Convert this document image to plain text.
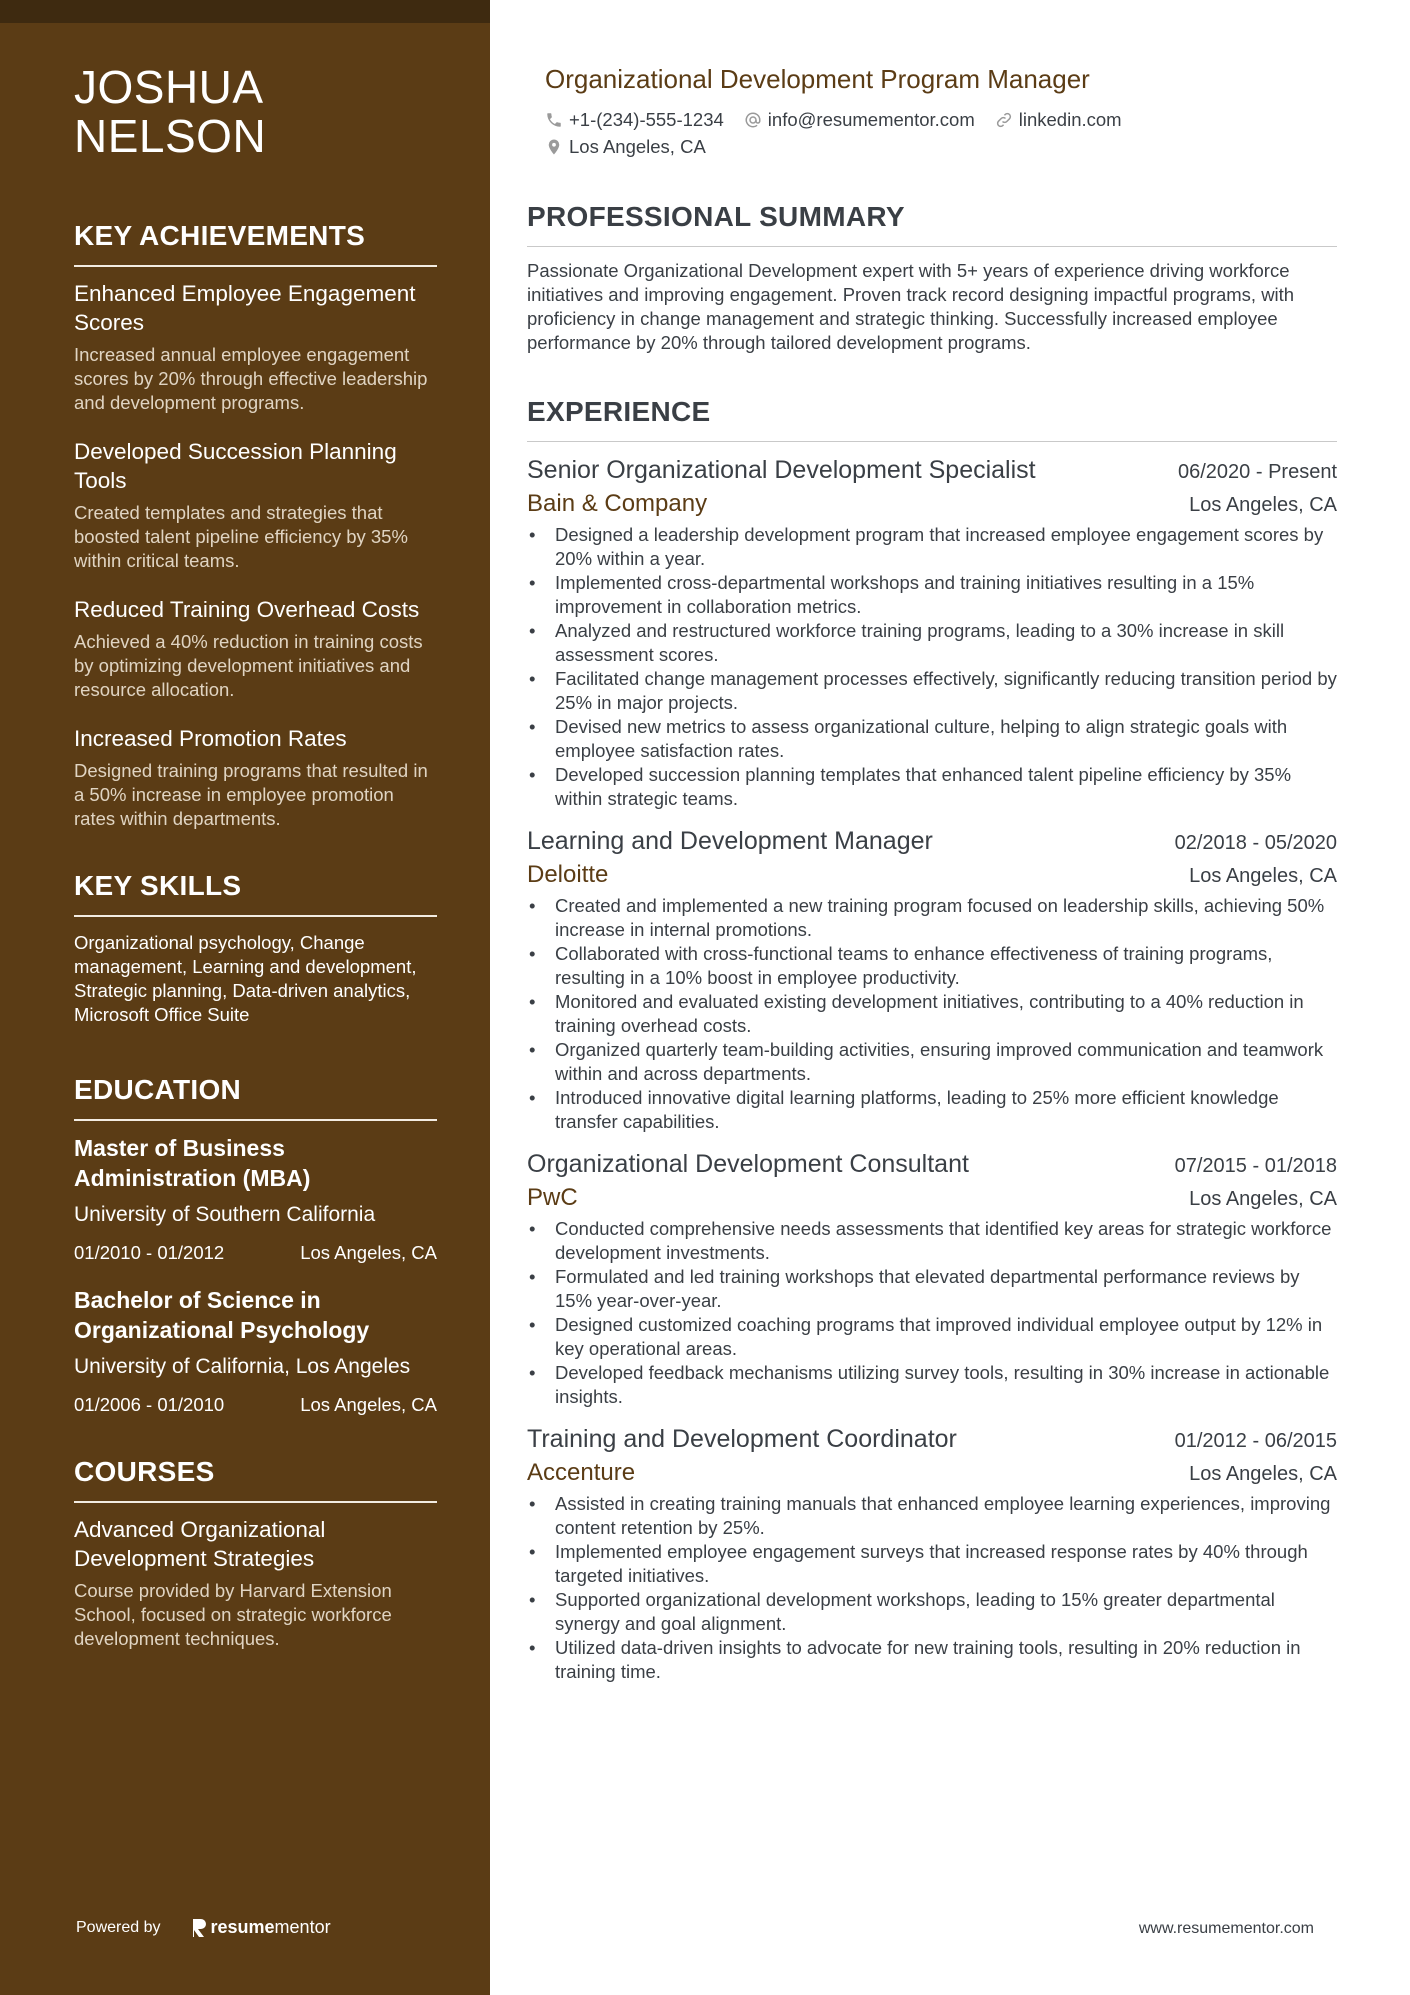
JOSHUA
NELSON
KEY ACHIEVEMENTS
Enhanced Employee Engagement Scores
Increased annual employee engagement scores by 20% through effective leadership and development programs.
Developed Succession Planning Tools
Created templates and strategies that boosted talent pipeline efficiency by 35% within critical teams.
Reduced Training Overhead Costs
Achieved a 40% reduction in training costs by optimizing development initiatives and resource allocation.
Increased Promotion Rates
Designed training programs that resulted in a 50% increase in employee promotion rates within departments.
KEY SKILLS
Organizational psychology, Change management, Learning and development, Strategic planning, Data-driven analytics, Microsoft Office Suite
EDUCATION
Master of Business Administration (MBA)
University of Southern California
01/2010 - 01/2012	Los Angeles, CA
Bachelor of Science in Organizational Psychology
University of California, Los Angeles
01/2006 - 01/2010	Los Angeles, CA
COURSES
Advanced Organizational Development Strategies
Course provided by Harvard Extension School, focused on strategic workforce development techniques.
Powered by	resumementor
Organizational Development Program Manager
+1-(234)-555-1234 info@resumementor.com linkedin.com
Los Angeles, CA
PROFESSIONAL SUMMARY

Passionate Organizational Development expert with 5+ years of experience driving workforce initiatives and improving engagement. Proven track record designing impactful programs, with proficiency in change management and strategic thinking. Successfully increased employee performance by 20% through tailored development programs.

EXPERIENCE
Senior Organizational Development Specialist	06/2020 - Present
Bain & Company	Los Angeles, CA
• Designed a leadership development program that increased employee engagement scores by 20% within a year.
• Implemented cross-departmental workshops and training initiatives resulting in a 15% improvement in collaboration metrics.
• Analyzed and restructured workforce training programs, leading to a 30% increase in skill assessment scores.
• Facilitated change management processes effectively, significantly reducing transition period by 25% in major projects.
• Devised new metrics to assess organizational culture, helping to align strategic goals with employee satisfaction rates.
• Developed succession planning templates that enhanced talent pipeline efficiency by 35% within strategic teams.
Learning and Development Manager	02/2018 - 05/2020
Deloitte	Los Angeles, CA
• Created and implemented a new training program focused on leadership skills, achieving 50% increase in internal promotions.
• Collaborated with cross-functional teams to enhance effectiveness of training programs, resulting in a 10% boost in employee productivity.
• Monitored and evaluated existing development initiatives, contributing to a 40% reduction in training overhead costs.
• Organized quarterly team-building activities, ensuring improved communication and teamwork within and across departments.
• Introduced innovative digital learning platforms, leading to 25% more efficient knowledge transfer capabilities.
Organizational Development Consultant	07/2015 - 01/2018
PwC	Los Angeles, CA
• Conducted comprehensive needs assessments that identified key areas for strategic workforce development investments.
• Formulated and led training workshops that elevated departmental performance reviews by 15% year-over-year.
• Designed customized coaching programs that improved individual employee output by 12% in key operational areas.
• Developed feedback mechanisms utilizing survey tools, resulting in 30% increase in actionable insights.
Training and Development Coordinator	01/2012 - 06/2015
Accenture	Los Angeles, CA
• Assisted in creating training manuals that enhanced employee learning experiences, improving content retention by 25%.
• Implemented employee engagement surveys that increased response rates by 40% through targeted initiatives.
• Supported organizational development workshops, leading to 15% greater departmental synergy and goal alignment.
• Utilized data-driven insights to advocate for new training tools, resulting in 20% reduction in training time.
www.resumementor.com
